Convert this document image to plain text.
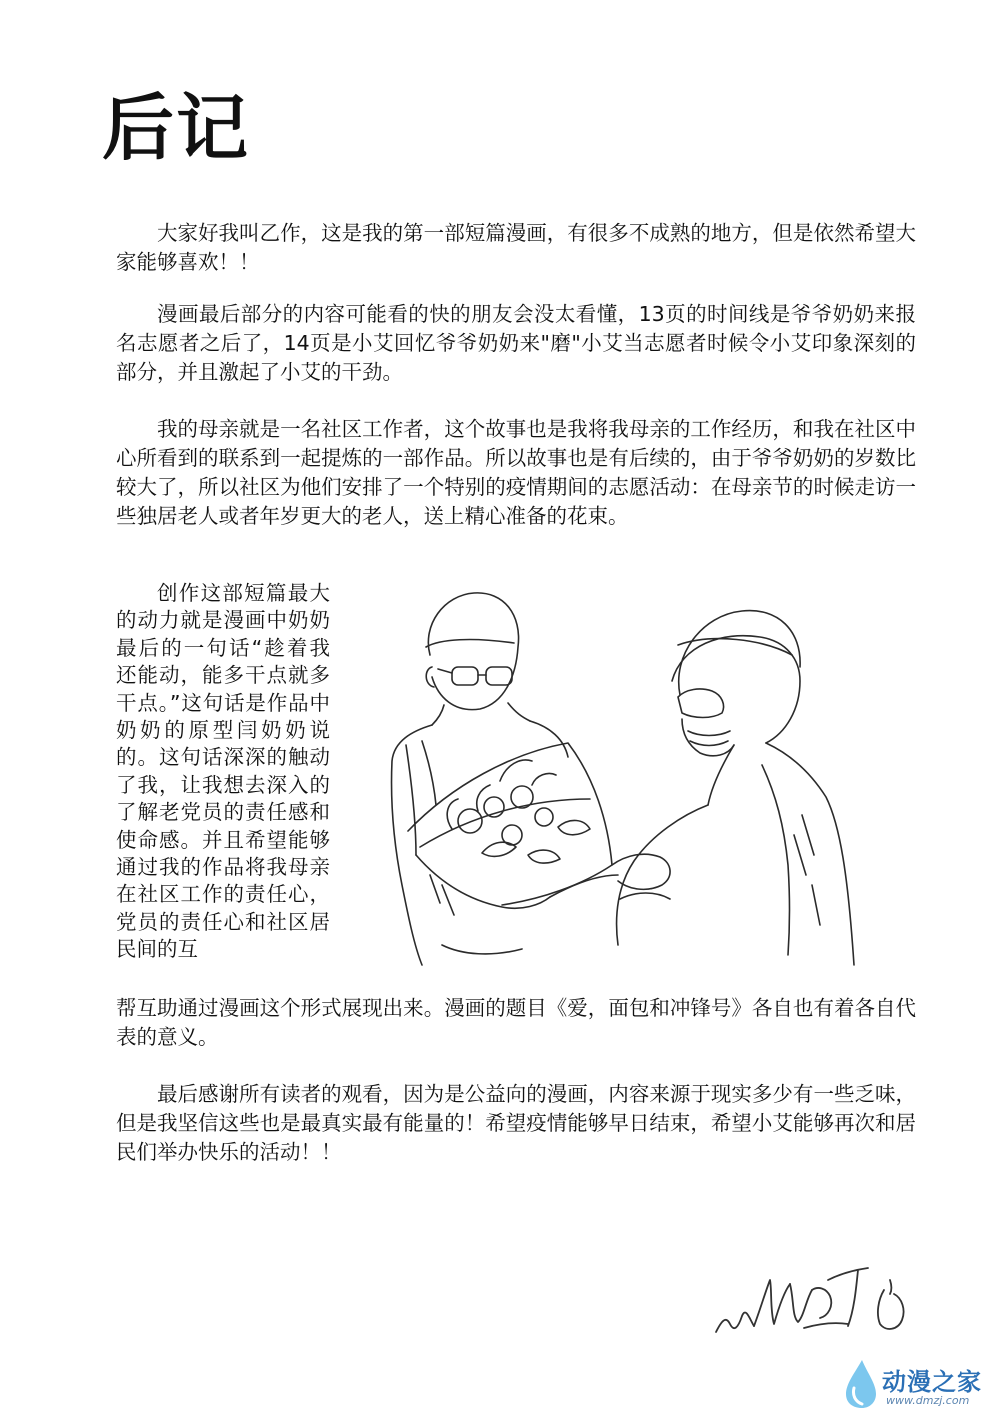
后记

大家好我叫乙作，这是我的第一部短篇漫画，有很多不成熟的地方，但是依然希望大家能够喜欢！！

漫画最后部分的内容可能看的快的朋友会没太看懂，13页的时间线是爷爷奶奶来报名志愿者之后了，14页是小艾回忆爷爷奶奶来"磨"小艾当志愿者时候令小艾印象深刻的部分，并且激起了小艾的干劲。

我的母亲就是一名社区工作者，这个故事也是我将我母亲的工作经历，和我在社区中心所看到的联系到一起提炼的一部作品。所以故事也是有后续的，由于爷爷奶奶的岁数比较大了，所以社区为他们安排了一个特别的疫情期间的志愿活动：在母亲节的时候走访一些独居老人或者年岁更大的老人，送上精心准备的花束。

创作这部短篇最大的动力就是漫画中奶奶最后的一句话“趁着我还能动，能多干点就多干点。”这句话是作品中奶奶的原型闫奶奶说的。这句话深深的触动了我，让我想去深入的了解老党员的责任感和使命感。并且希望能够通过我的作品将我母亲在社区工作的责任心，党员的责任心和社区居民间的互

帮互助通过漫画这个形式展现出来。漫画的题目《爱，面包和冲锋号》各自也有着各自代表的意义。

最后感谢所有读者的观看，因为是公益向的漫画，内容来源于现实多少有一些乏味，但是我坚信这些也是最真实最有能量的！希望疫情能够早日结束，希望小艾能够再次和居民们举办快乐的活动！！

动漫之家
www.dmzj.com
